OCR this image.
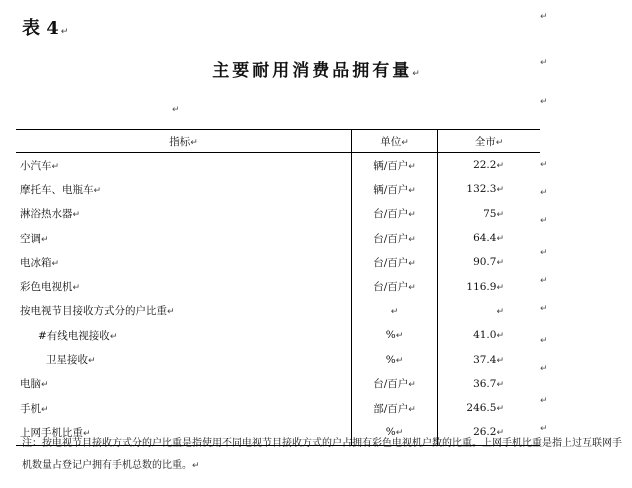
表 4 ↵
↵
主要耐用消费品拥有量↵
↵
↵
↵
指标↵	单位↵	全市↵
小汽车↵	辆/百户↵	22.2↵
摩托车、电瓶车↵	辆/百户↵	132.3↵
淋浴热水器↵	台/百户↵	75↵
空调↵	台/百户↵	64.4↵
电冰箱↵	台/百户↵	90.7↵
彩色电视机↵	台/百户↵	116.9↵
按电视节目接收方式分的户比重↵	↵	↵
#有线电视接收↵	%↵	41.0↵
卫星接收↵	%↵	37.4↵
电脑↵	台/百户↵	36.7↵
手机↵	部/百户↵	246.5↵
上网手机比重↵	%↵	26.2↵
注：按电视节目接收方式分的户比重是指使用不同电视节目接收方式的户占拥有彩色电视机户数的比重。上网手机比重是指上过互联网手机数量占登记户拥有手机总数的比重。↵
↵
↵
↵
↵
↵
↵
↵
↵
↵
↵
